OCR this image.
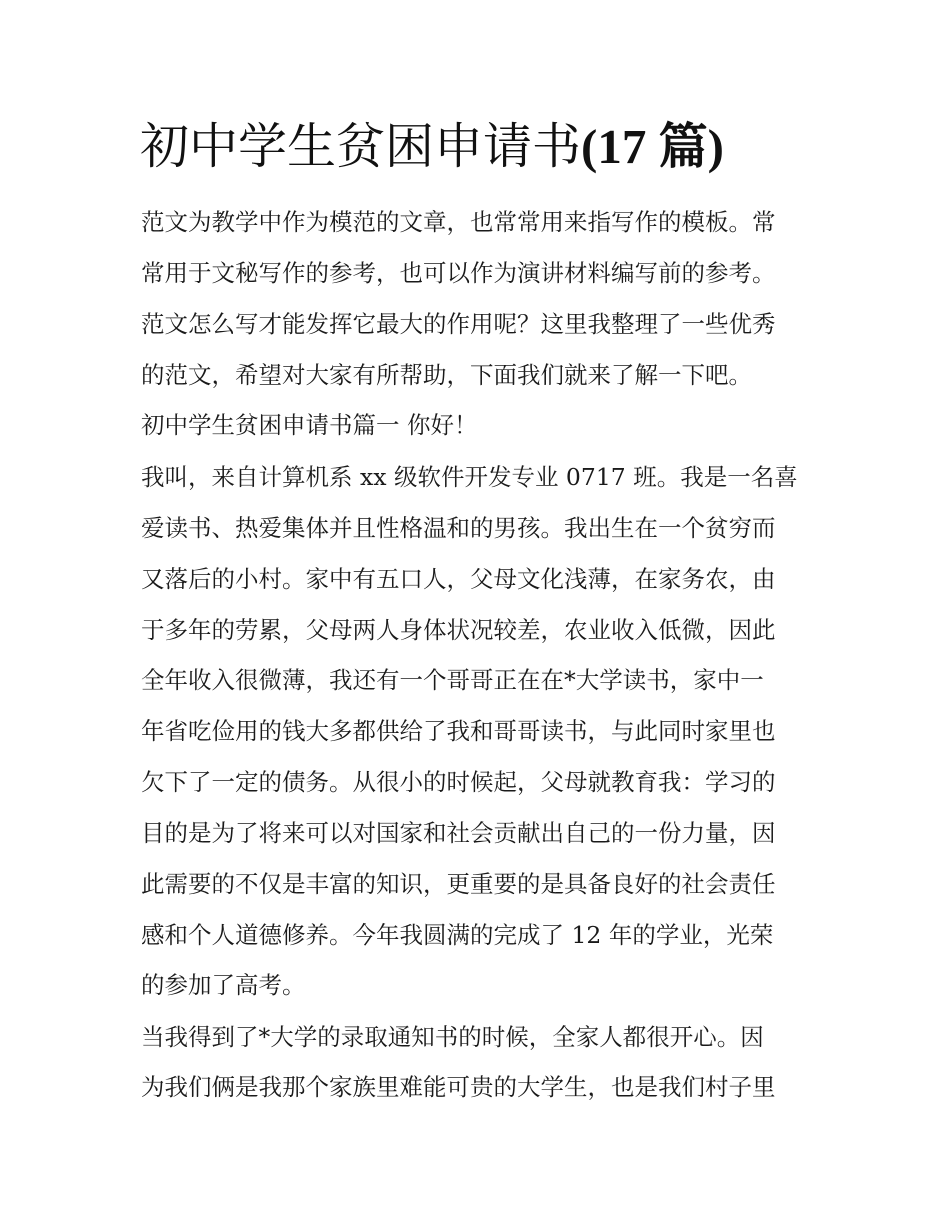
初中学生贫困申请书(17 篇)
范文为教学中作为模范的文章，也常常用来指写作的模板。常
常用于文秘写作的参考，也可以作为演讲材料编写前的参考。
范文怎么写才能发挥它最大的作用呢？这里我整理了一些优秀
的范文，希望对大家有所帮助，下面我们就来了解一下吧。
初中学生贫困申请书篇一 你好！
我叫，来自计算机系 xx 级软件开发专业 0717 班。我是一名喜
爱读书、热爱集体并且性格温和的男孩。我出生在一个贫穷而
又落后的小村。家中有五口人，父母文化浅薄，在家务农，由
于多年的劳累，父母两人身体状况较差，农业收入低微，因此
全年收入很微薄，我还有一个哥哥正在在*大学读书，家中一
年省吃俭用的钱大多都供给了我和哥哥读书，与此同时家里也
欠下了一定的债务。从很小的时候起，父母就教育我：学习的
目的是为了将来可以对国家和社会贡献出自己的一份力量，因
此需要的不仅是丰富的知识，更重要的是具备良好的社会责任
感和个人道德修养。今年我圆满的完成了 12 年的学业，光荣
的参加了高考。
当我得到了*大学的录取通知书的时候，全家人都很开心。因
为我们俩是我那个家族里难能可贵的大学生，也是我们村子里
